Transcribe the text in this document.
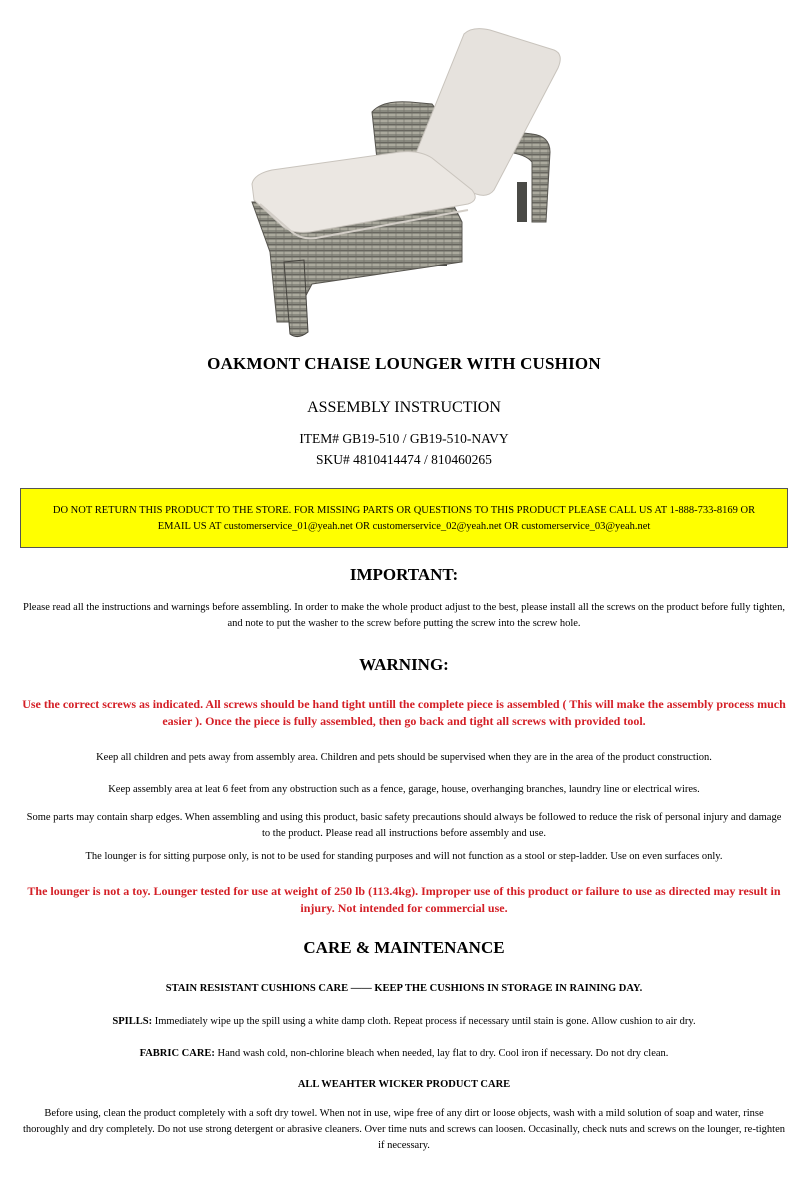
OAKMONT CHAISE LOUNGER WITH CUSHION
ASSEMBLY INSTRUCTION
ITEM# GB19-510 / GB19-510-NAVY
SKU# 4810414474 / 810460265
DO NOT RETURN THIS PRODUCT TO THE STORE. FOR MISSING PARTS OR QUESTIONS TO THIS PRODUCT PLEASE CALL US AT 1-888-733-8169 OR
EMAIL US AT customerservice_01@yeah.net OR customerservice_02@yeah.net OR customerservice_03@yeah.net
IMPORTANT:
Please read all the instructions and warnings before assembling. In order to make the whole product adjust to the best, please install all the screws on the product before fully tighten, and note to put the washer to the screw before putting the screw into the screw hole.
WARNING:
Use the correct screws as indicated. All screws should be hand tight untill the complete piece is assembled ( This will make the assembly process much easier ). Once the piece is fully assembled, then go back and tight all screws with provided tool.
Keep all children and pets away from assembly area. Children and pets should be supervised when they are in the area of the product construction.
Keep assembly area at leat 6 feet from any obstruction such as a fence, garage, house, overhanging branches, laundry line or electrical wires.
Some parts may contain sharp edges. When assembling and using this product, basic safety precautions should always be followed to reduce the risk of personal injury and damage to the product. Please read all instructions before assembly and use.
The lounger is for sitting purpose only, is not to be used for standing purposes and will not function as a stool or step-ladder. Use on even surfaces only.
The lounger is not a toy. Lounger tested for use at weight of 250 lb (113.4kg). Improper use of this product or failure to use as directed may result in injury. Not intended for commercial use.
CARE & MAINTENANCE
STAIN RESISTANT CUSHIONS CARE —— KEEP THE CUSHIONS IN STORAGE IN RAINING DAY.
SPILLS: Immediately wipe up the spill using a white damp cloth. Repeat process if necessary until stain is gone. Allow cushion to air dry.
FABRIC CARE: Hand wash cold, non-chlorine bleach when needed, lay flat to dry. Cool iron if necessary. Do not dry clean.
ALL WEAHTER WICKER PRODUCT CARE
Before using, clean the product completely with a soft dry towel. When not in use, wipe free of any dirt or loose objects, wash with a mild solution of soap and water, rinse thoroughly and dry completely. Do not use strong detergent or abrasive cleaners. Over time nuts and screws can loosen. Occasinally, check nuts and screws on the lounger, re-tighten if necessary.
